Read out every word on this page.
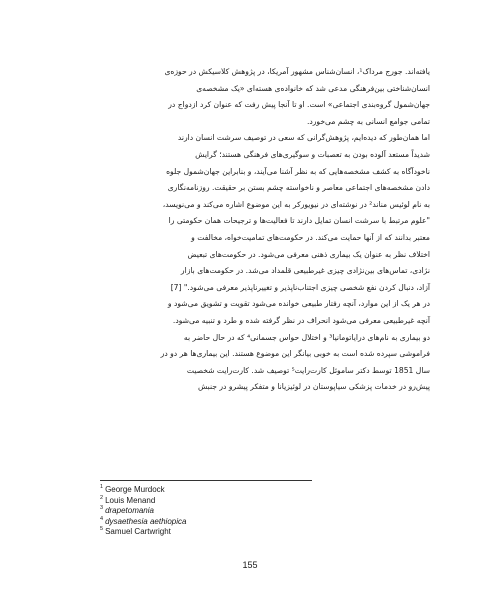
یافته‌اند. جورج مرداک¹، انسان‌شناس مشهور آمریکا، در پژوهش کلاسیکش در حوزه‌ی

انسان‌شناختی بین‌فرهنگی مدعی شد که خانواده‌ی هسته‌ای «یک مشخصه‌ی

جهان‌شمول گروه‌بندی اجتماعی» است. او تا آنجا پیش رفت که عنوان کرد ازدواج در

تمامی جوامع انسانی به چشم می‌خورد.

اما همان‌طور که دیده‌ایم، پژوهش‌گرانی که سعی در توصیف سرشت انسان دارند

شدیداً مستعد آلوده بودن به تعصبات و سوگیری‌های فرهنگی هستند؛ گرایش

ناخودآگاه به کشف مشخصه‌هایی که به نظر آشنا می‌آیند، و بنابراین جهان‌شمول جلوه

دادن مشخصه‌های اجتماعی معاصر و ناخواسته چشم بستن بر حقیقت. روزنامه‌نگاری

به نام لوئیس مناند² در نوشته‌ای در نیویورکر به این موضوع اشاره می‌کند و می‌نویسد،

"علوم مرتبط با سرشت انسان تمایل دارند تا فعالیت‌ها و ترجیحات همان حکومتی را

معتبر بدانند که از آنها حمایت می‌کند. در حکومت‌های تمامیت‌خواه، مخالفت و

اختلاف نظر به عنوان یک بیماری ذهنی معرفی می‌شود. در حکومت‌های تبعیض

نژادی، تماس‌های بین‌نژادی چیزی غیرطبیعی قلمداد می‌شد. در حکومت‌های بازار

آزاد، دنبال کردن نفع شخصی چیزی اجتناب‌ناپذیر و تغییرناپذیر معرفی می‌شود." [7]

در هر یک از این موارد، آنچه رفتار طبیعی خوانده می‌شود تقویت و تشویق می‌شود و

آنچه غیرطبیعی معرفی می‌شود انحراف در نظر گرفته شده و طرد و تنبیه می‌شود.

دو بیماری به نام‌های درایاتومانیا³ و اختلال حواس جسمانی⁴ که در حال حاضر به

فراموشی سپرده شده است به خوبی بیانگر این موضوع هستند. این بیماری‌ها هر دو در

سال 1851 توسط دکتر ساموئل کارت‌رایت⁵ توصیف شد. کارت‌رایت شخصیت

پیش‌رو در خدمات پزشکی سیاپوستان در لوئیزیانا و متفکر پیشرو در جنبش

$^1$ George Murdock
$^2$ Louis Menand
$^3$ drapetomania
$^4$ dysaethesia aethiopica
$^5$ Samuel Cartwright
155
